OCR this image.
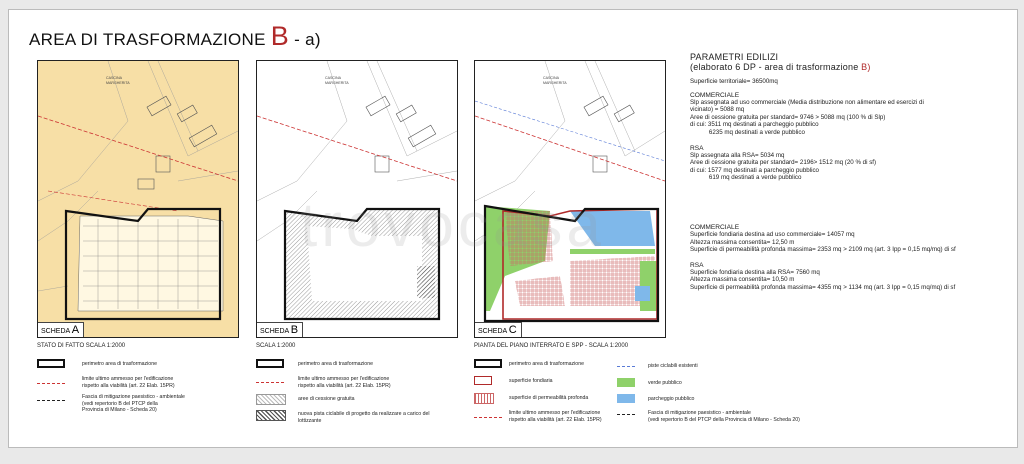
AREA DI TRASFORMAZIONE B - a)
CASCINA
MARGHERITA
SCHEDA A
CASCINA
MARGHERITA
SCHEDA B
CASCINA
MARGHERITA
SCHEDA C
trovocasa
STATO DI FATTO SCALA 1:2000	SCALA 1:2000	PIANTA DEL PIANO INTERRATO E SPP - SCALA 1:2000
perimetro area di trasformazione
limite ultimo ammesso per l'edificazione
rispetto alla viabilità (art. 22 Elab. 15PR)
Fascia di mitigazione paesistico - ambientale
(vedi repertorio B del PTCP della
Provincia di Milano - Scheda 20)
perimetro area di trasformazione
limite ultimo ammesso per l'edificazione
rispetto alla viabilità (art. 22 Elab. 15PR)
aree di cessione gratuita
nuova pista ciclabile di progetto da realizzare a carico del
lottizzante
perimetro area di trasformazione
superficie fondiaria
superficie di permeabilità profonda
limite ultimo ammesso per l'edificazione
rispetto alla viabilità (art. 22 Elab. 15PR)
piste ciclabili esistenti
verde pubblico
parcheggio pubblico
Fascia di mitigazione paesistico - ambientale
(vedi repertorio B del PTCP della Provincia di Milano - Scheda 20)
PARAMETRI EDILIZI
(elaborato 6 DP - area di trasformazione B)
Superficie territoriale= 36500mq
COMMERCIALE
Slp assegnata ad uso commerciale (Media distribuzione non alimentare ed esercizi di
vicinato) = 5088 mq
Aree di cessione gratuita per standard= 9746 > 5088 mq (100 % di Slp)
di cui: 3511 mq destinati a parcheggio pubblico
6235 mq destinati a verde pubblico
RSA
Slp assegnata alla RSA= 5034 mq
Aree di cessione gratuita per standard= 2196> 1512 mq (20 % di sf)
di cui: 1577 mq destinati a parcheggio pubblico
619 mq destinati a verde pubblico
COMMERCIALE
Superficie fondiaria destina ad uso commerciale= 14057 mq
Altezza massima consentita= 12,50 m
Superficie di permeabilità profonda massima= 2353 mq > 2109 mq (art. 3 Ipp = 0,15 mq/mq) di sf
RSA
Superficie fondiaria destina alla RSA= 7560 mq
Altezza massima consentita= 10,50 m
Superficie di permeabilità profonda massima= 4355 mq > 1134 mq (art. 3 Ipp = 0,15 mq/mq) di sf
